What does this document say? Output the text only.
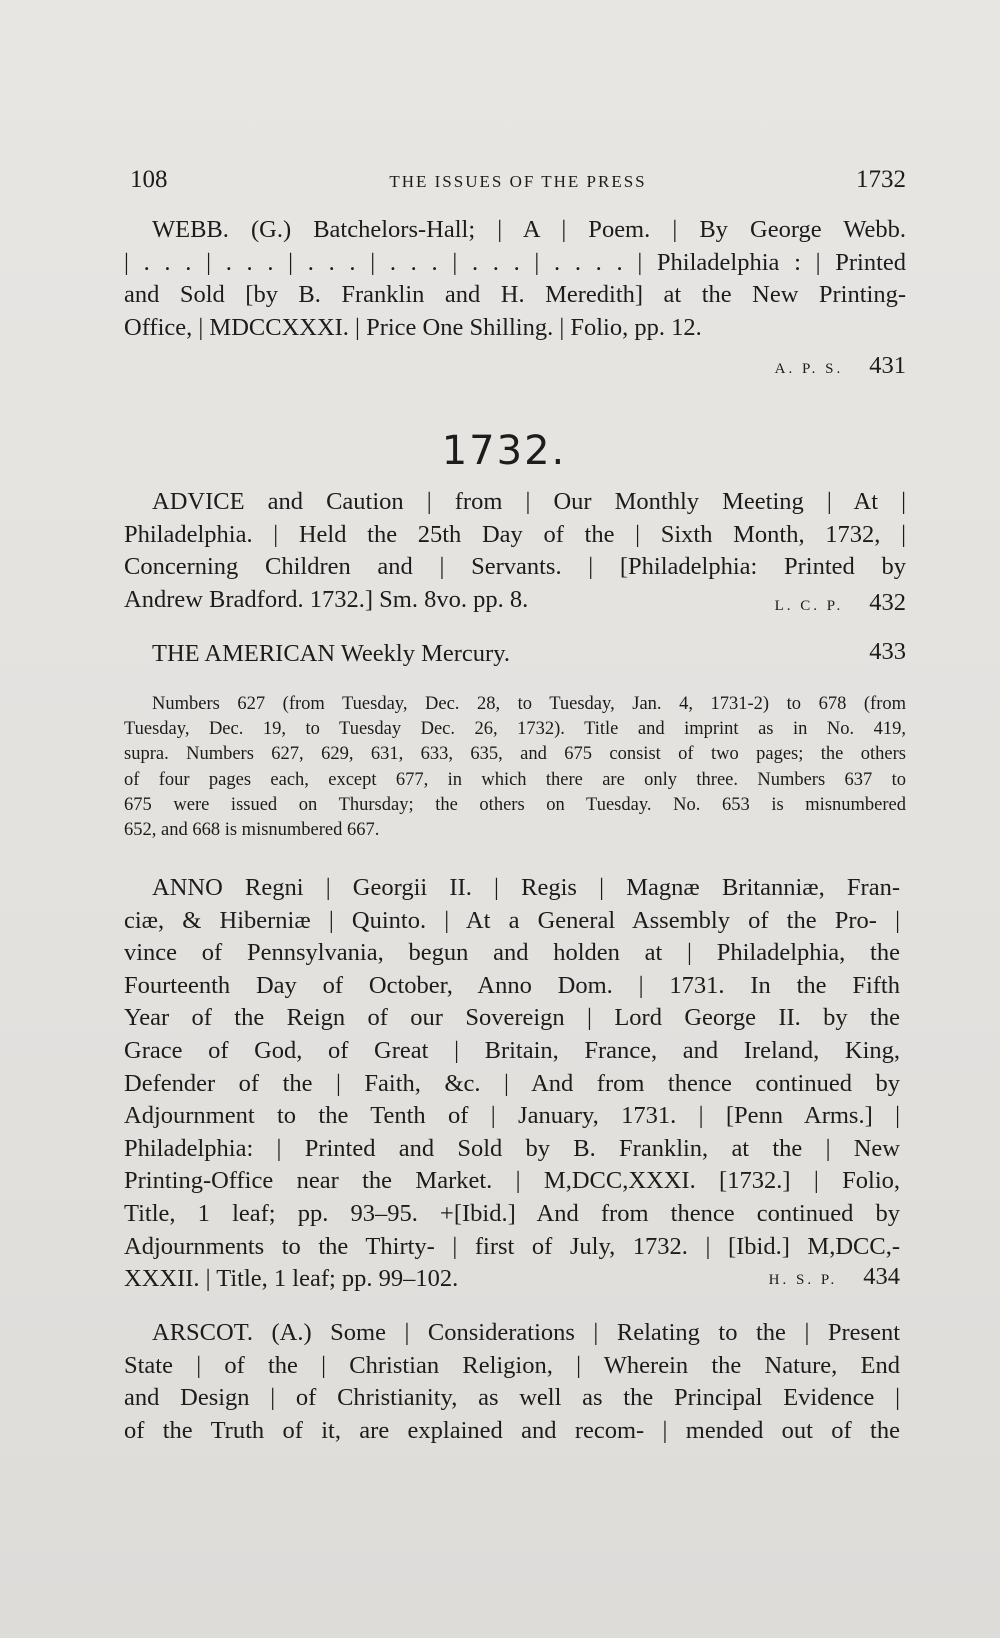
108	THE ISSUES OF THE PRESS	1732
WEBB. (G.) Batchelors-Hall; | A | Poem. | By George Webb.
| . . . | . . . | . . . | . . . | . . . | . . . . | Philadelphia : | Printed
and Sold [by B. Franklin and H. Meredith] at the New Printing-
Office, | MDCCXXXI. | Price One Shilling. | Folio, pp. 12.
A. P. S. 431
1732.
ADVICE and Caution | from | Our Monthly Meeting | At |
Philadelphia. | Held the 25th Day of the | Sixth Month, 1732, |
Concerning Children and | Servants. | [Philadelphia: Printed by
Andrew Bradford. 1732.] Sm. 8vo. pp. 8.	L. C. P. 432
THE AMERICAN Weekly Mercury.	433
Numbers 627 (from Tuesday, Dec. 28, to Tuesday, Jan. 4, 1731-2) to 678 (from
Tuesday, Dec. 19, to Tuesday Dec. 26, 1732). Title and imprint as in No. 419,
supra. Numbers 627, 629, 631, 633, 635, and 675 consist of two pages; the others
of four pages each, except 677, in which there are only three. Numbers 637 to
675 were issued on Thursday; the others on Tuesday. No. 653 is misnumbered
652, and 668 is misnumbered 667.
ANNO Regni | Georgii II. | Regis | Magnæ Britanniæ, Fran-
ciæ, & Hiberniæ | Quinto. | At a General Assembly of the Pro- |
vince of Pennsylvania, begun and holden at | Philadelphia, the
Fourteenth Day of October, Anno Dom. | 1731. In the Fifth
Year of the Reign of our Sovereign | Lord George II. by the
Grace of God, of Great | Britain, France, and Ireland, King,
Defender of the | Faith, &c. | And from thence continued by
Adjournment to the Tenth of | January, 1731. | [Penn Arms.] |
Philadelphia: | Printed and Sold by B. Franklin, at the | New
Printing-Office near the Market. | M,DCC,XXXI. [1732.] | Folio,
Title, 1 leaf; pp. 93–95. +[Ibid.] And from thence continued by
Adjournments to the Thirty- | first of July, 1732. | [Ibid.] M,DCC,-
XXXII. | Title, 1 leaf; pp. 99–102.	H. S. P. 434
ARSCOT. (A.) Some | Considerations | Relating to the | Present
State | of the | Christian Religion, | Wherein the Nature, End
and Design | of Christianity, as well as the Principal Evidence |
of the Truth of it, are explained and recom- | mended out of the
